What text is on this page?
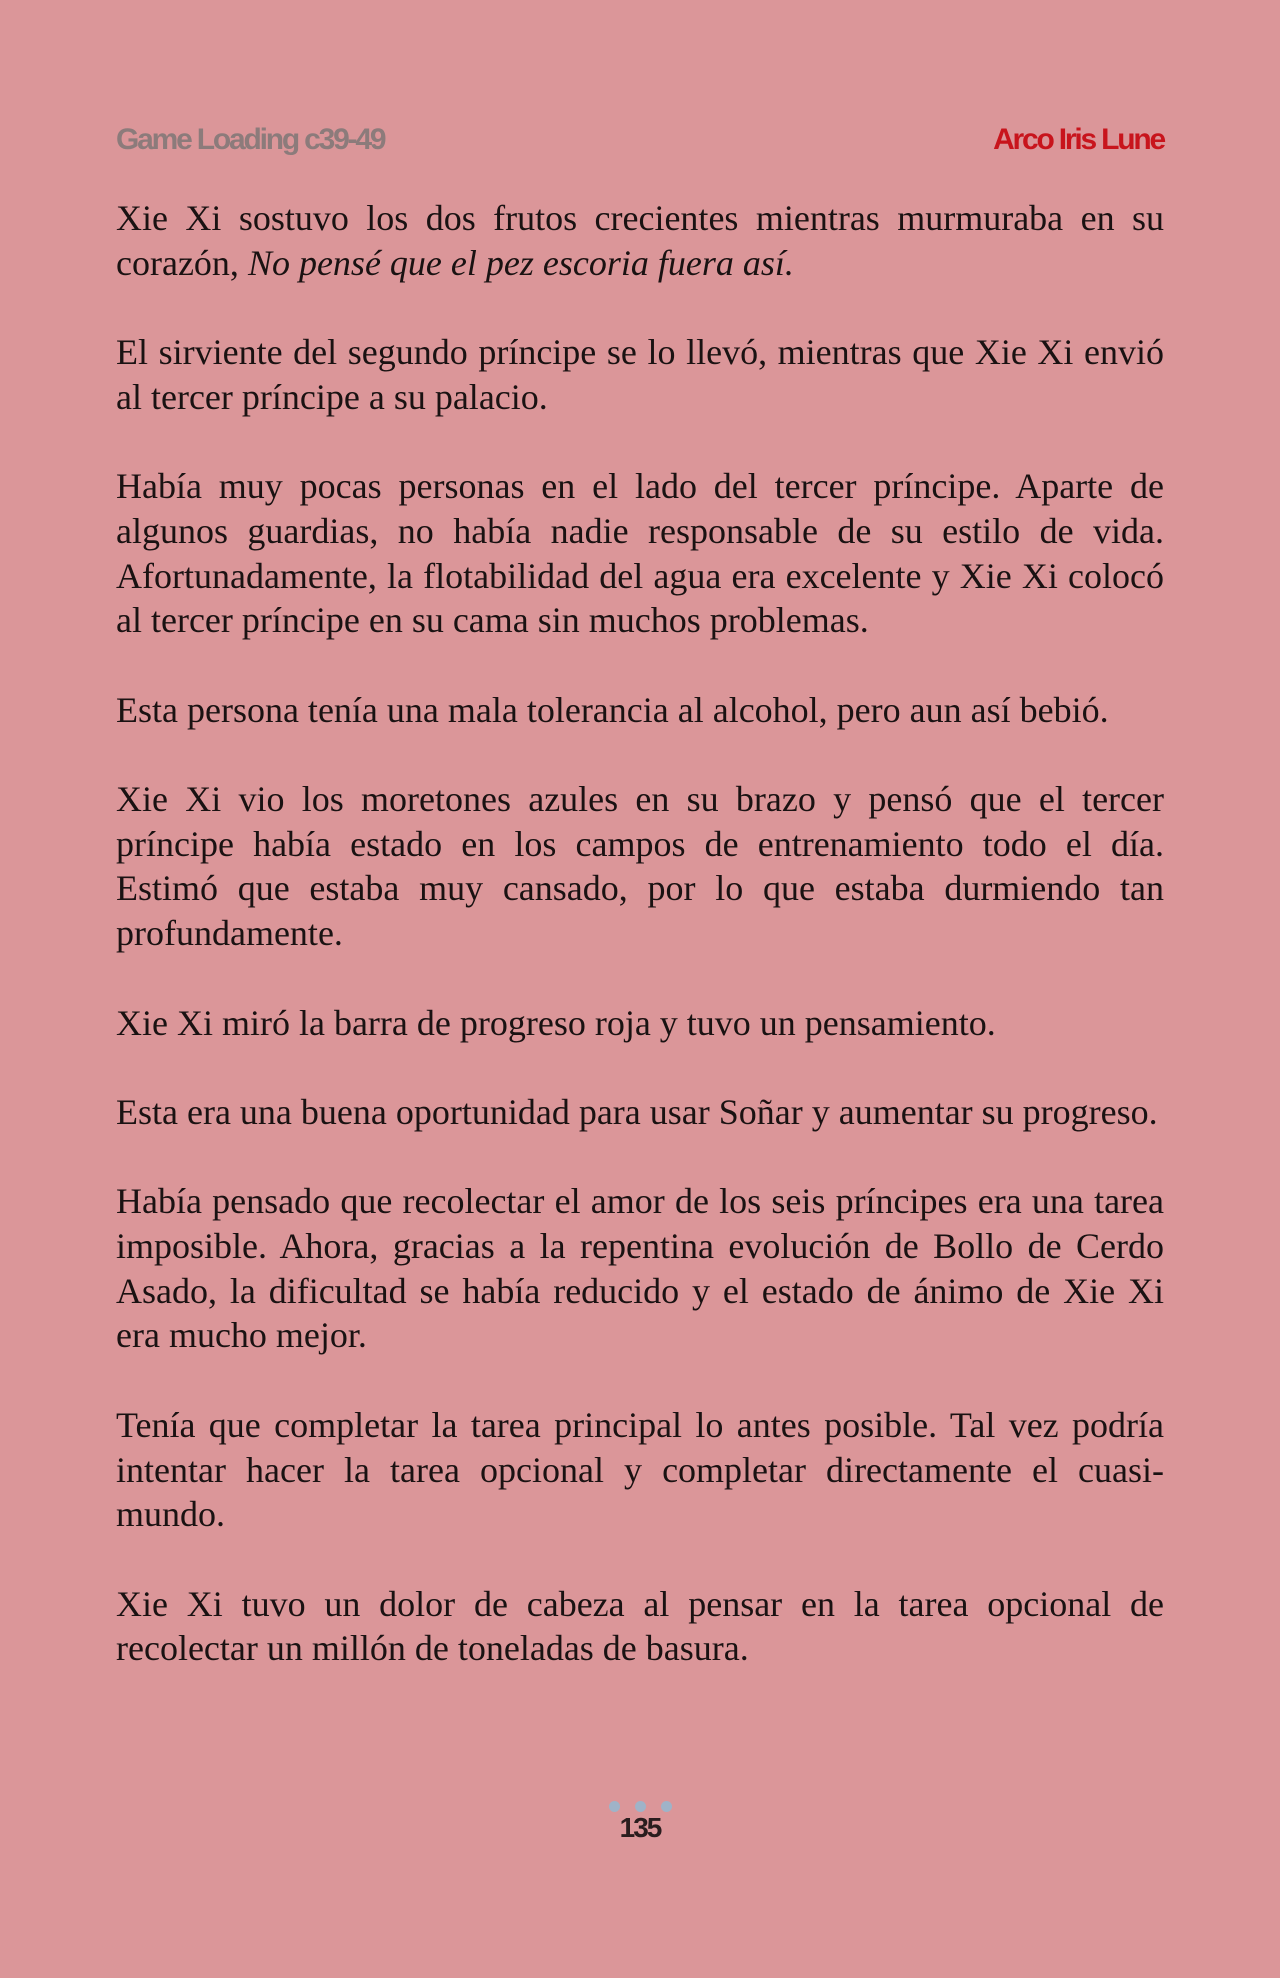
Game Loading c39-49	Arco Iris Lune

Xie Xi sostuvo los dos frutos crecientes mientras murmuraba en su corazón, No pensé que el pez escoria fuera así.

El sirviente del segundo príncipe se lo llevó, mientras que Xie Xi envió al tercer príncipe a su palacio.

Había muy pocas personas en el lado del tercer príncipe. Aparte de algunos guardias, no había nadie responsable de su estilo de vida. Afortunadamente, la flotabilidad del agua era excelente y Xie Xi colocó al tercer príncipe en su cama sin muchos problemas.

Esta persona tenía una mala tolerancia al alcohol, pero aun así bebió.

Xie Xi vio los moretones azules en su brazo y pensó que el tercer príncipe había estado en los campos de entrenamiento todo el día. Estimó que estaba muy cansado, por lo que estaba durmiendo tan profundamente.

Xie Xi miró la barra de progreso roja y tuvo un pensamiento.

Esta era una buena oportunidad para usar Soñar y aumentar su progreso.

Había pensado que recolectar el amor de los seis príncipes era una tarea imposible. Ahora, gracias a la repentina evolución de Bollo de Cerdo Asado, la dificultad se había reducido y el estado de ánimo de Xie Xi era mucho mejor.

Tenía que completar la tarea principal lo antes posible. Tal vez podría intentar hacer la tarea opcional y completar directamente el cuasi-mundo.

Xie Xi tuvo un dolor de cabeza al pensar en la tarea opcional de recolectar un millón de toneladas de basura.

135
